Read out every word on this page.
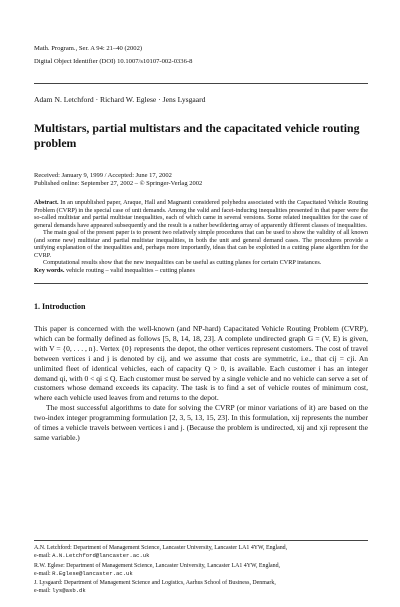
Math. Program., Ser. A 94: 21–40 (2002)
Digital Object Identifier (DOI) 10.1007/s10107-002-0336-8
Adam N. Letchford · Richard W. Eglese · Jens Lysgaard
Multistars, partial multistars and the capacitated vehicle routing problem
Received: January 9, 1999 / Accepted: June 17, 2002
Published online: September 27, 2002 – © Springer-Verlag 2002

Abstract. In an unpublished paper, Araque, Hall and Magnanti considered polyhedra associated with the Capacitated Vehicle Routing Problem (CVRP) in the special case of unit demands. Among the valid and facet-inducing inequalities presented in that paper were the so-called multistar and partial multistar inequalities, each of which came in several versions. Some related inequalities for the case of general demands have appeared subsequently and the result is a rather bewildering array of apparently different classes of inequalities.

The main goal of the present paper is to present two relatively simple procedures that can be used to show the validity of all known (and some new) multistar and partial multistar inequalities, in both the unit and general demand cases. The procedures provide a unifying explanation of the inequalities and, perhaps more importantly, ideas that can be exploited in a cutting plane algorithm for the CVRP.

Computational results show that the new inequalities can be useful as cutting planes for certain CVRP instances.

Key words. vehicle routing – valid inequalities – cutting planes
1. Introduction

This paper is concerned with the well-known (and NP-hard) Capacitated Vehicle Routing Problem (CVRP), which can be formally defined as follows [5, 8, 14, 18, 23]. A complete undirected graph G = (V, E) is given, with V = {0, . . . , n}. Vertex {0} represents the depot, the other vertices represent customers. The cost of travel between vertices i and j is denoted by cij, and we assume that costs are symmetric, i.e., that cij = cji. An unlimited fleet of identical vehicles, each of capacity Q > 0, is available. Each customer i has an integer demand qi, with 0 < qi ≤ Q. Each customer must be served by a single vehicle and no vehicle can serve a set of customers whose demand exceeds its capacity. The task is to find a set of vehicle routes of minimum cost, where each vehicle used leaves from and returns to the depot.

The most successful algorithms to date for solving the CVRP (or minor variations of it) are based on the two-index integer programming formulation [2, 3, 5, 13, 15, 23]. In this formulation, xij represents the number of times a vehicle travels between vertices i and j. (Because the problem is undirected, xij and xji represent the same variable.)

A.N. Letchford: Department of Management Science, Lancaster University, Lancaster LA1 4YW, England,
e-mail: A.N.Letchford@lancaster.ac.uk

R.W. Eglese: Department of Management Science, Lancaster University, Lancaster LA1 4YW, England,
e-mail: R.Eglese@lancaster.ac.uk

J. Lysgaard: Department of Management Science and Logistics, Aarhus School of Business, Denmark,
e-mail: lys@asb.dk
